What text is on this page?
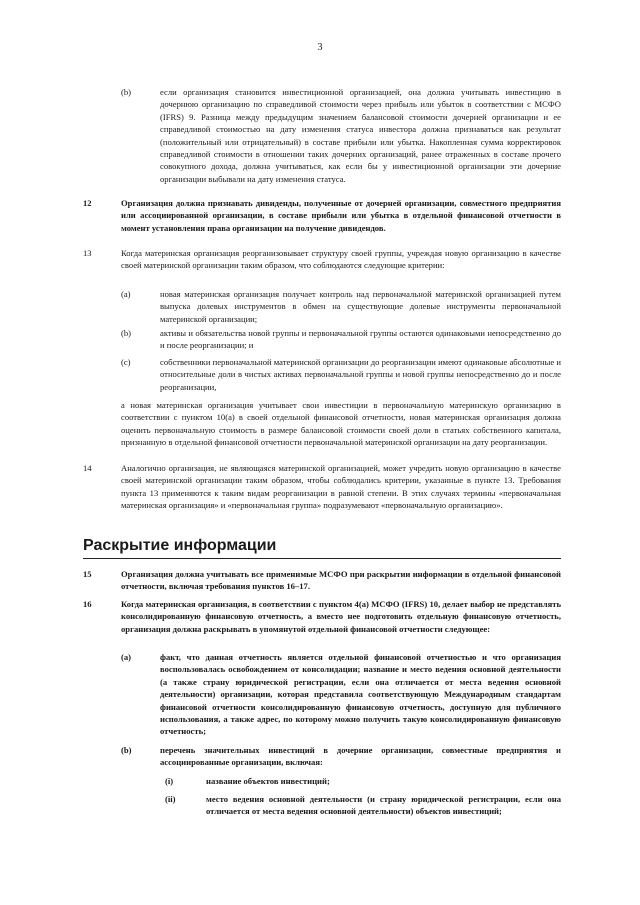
3
(b)	если организация становится инвестиционной организацией, она должна учитывать инвестицию в дочернюю организацию по справедливой стоимости через прибыль или убыток в соответствии с МСФО (IFRS) 9. Разница между предыдущим значением балансовой стоимости дочерней организации и ее справедливой стоимостью на дату изменения статуса инвестора должна признаваться как результат (положительный или отрицательный) в составе прибыли или убытка. Накопленная сумма корректировок справедливой стоимости в отношении таких дочерних организаций, ранее отраженных в составе прочего совокупного дохода, должна учитываться, как если бы у инвестиционной организации эти дочерние организации выбывали на дату изменения статуса.
12	Организация должна признавать дивиденды, полученные от дочерней организации, совместного предприятия или ассоциированной организации, в составе прибыли или убытка в отдельной финансовой отчетности в момент установления права организации на получение дивидендов.
13	Когда материнская организация реорганизовывает структуру своей группы, учреждая новую организацию в качестве своей материнской организации таким образом, что соблюдаются следующие критерии:
(a)	новая материнская организация получает контроль над первоначальной материнской организацией путем выпуска долевых инструментов в обмен на существующие долевые инструменты первоначальной материнской организации;
(b)	активы и обязательства новой группы и первоначальной группы остаются одинаковыми непосредственно до и после реорганизации; и
(c)	собственники первоначальной материнской организации до реорганизации имеют одинаковые абсолютные и относительные доли в чистых активах первоначальной группы и новой группы непосредственно до и после реорганизации,
а новая материнская организация учитывает свои инвестиции в первоначальную материнскую организацию в соответствии с пунктом 10(а) в своей отдельной финансовой отчетности, новая материнская организация должна оценить первоначальную стоимость в размере балансовой стоимости своей доли в статьях собственного капитала, признанную в отдельной финансовой отчетности первоначальной материнской организации на дату реорганизации.
14	Аналогично организация, не являющаяся материнской организацией, может учредить новую организацию в качестве своей материнской организации таким образом, чтобы соблюдались критерии, указанные в пункте 13. Требования пункта 13 применяются к таким видам реорганизации в равной степени. В этих случаях термины «первоначальная материнская организация» и «первоначальная группа» подразумевают «первоначальную организацию».
Раскрытие информации
15	Организация должна учитывать все применимые МСФО при раскрытии информации в отдельной финансовой отчетности, включая требования пунктов 16–17.
16	Когда материнская организация, в соответствии с пунктом 4(а) МСФО (IFRS) 10, делает выбор не представлять консолидированную финансовую отчетность, а вместо нее подготовить отдельную финансовую отчетность, организация должна раскрывать в упомянутой отдельной финансовой отчетности следующее:
(a)	факт, что данная отчетность является отдельной финансовой отчетностью и что организация воспользовалась освобождением от консолидации; название и место ведения основной деятельности (а также страну юридической регистрации, если она отличается от места ведения основной деятельности) организации, которая представила соответствующую Международным стандартам финансовой отчетности консолидированную финансовую отчетность, доступную для публичного использования, а также адрес, по которому можно получить такую консолидированную финансовую отчетность;
(b)	перечень значительных инвестиций в дочерние организации, совместные предприятия и ассоциированные организации, включая:
(i)	название объектов инвестиций;
(ii)	место ведения основной деятельности (и страну юридической регистрации, если она отличается от места ведения основной деятельности) объектов инвестиций;
